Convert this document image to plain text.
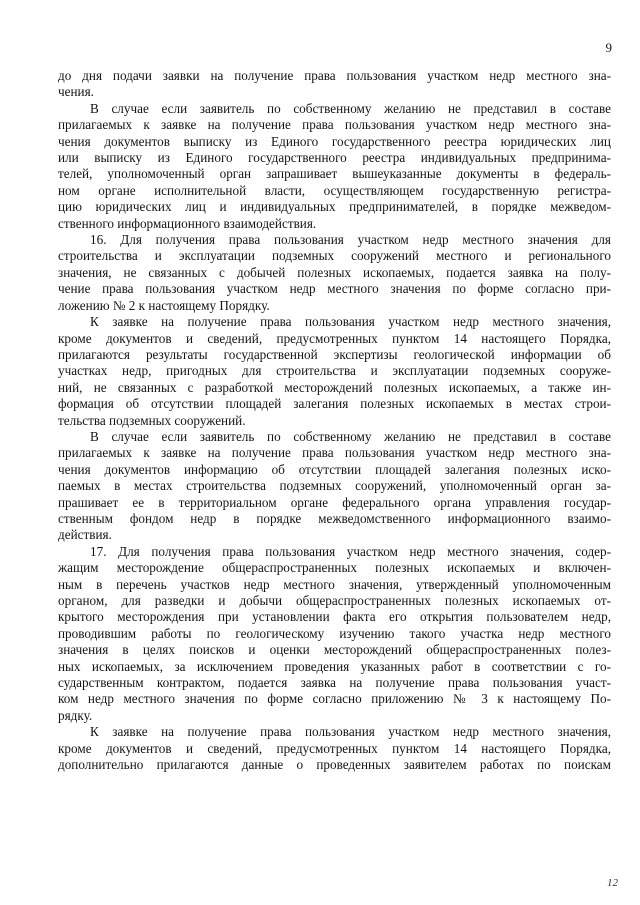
9
до дня подачи заявки на получение права пользования участком недр местного зна-
чения.
В случае если заявитель по собственному желанию не представил в составе
прилагаемых к заявке на получение права пользования участком недр местного зна-
чения документов выписку из Единого государственного реестра юридических лиц
или выписку из Единого государственного реестра индивидуальных предпринима-
телей, уполномоченный орган запрашивает вышеуказанные документы в федераль-
ном органе исполнительной власти, осуществляющем государственную регистра-
цию юридических лиц и индивидуальных предпринимателей, в порядке межведом-
ственного информационного взаимодействия.
16. Для получения права пользования участком недр местного значения для
строительства и эксплуатации подземных сооружений местного и регионального
значения, не связанных с добычей полезных ископаемых, подается заявка на полу-
чение права пользования участком недр местного значения по форме согласно при-
ложению № 2 к настоящему Порядку.
К заявке на получение права пользования участком недр местного значения,
кроме документов и сведений, предусмотренных пунктом 14 настоящего Порядка,
прилагаются результаты государственной экспертизы геологической информации об
участках недр, пригодных для строительства и эксплуатации подземных сооруже-
ний, не связанных с разработкой месторождений полезных ископаемых, а также ин-
формация об отсутствии площадей залегания полезных ископаемых в местах строи-
тельства подземных сооружений.
В случае если заявитель по собственному желанию не представил в составе
прилагаемых к заявке на получение права пользования участком недр местного зна-
чения документов информацию об отсутствии площадей залегания полезных иско-
паемых в местах строительства подземных сооружений, уполномоченный орган за-
прашивает ее в территориальном органе федерального органа управления государ-
ственным фондом недр в порядке межведомственного информационного взаимо-
действия.
17. Для получения права пользования участком недр местного значения, содер-
жащим месторождение общераспространенных полезных ископаемых и включен-
ным в перечень участков недр местного значения, утвержденный уполномоченным
органом, для разведки и добычи общераспространенных полезных ископаемых от-
крытого месторождения при установлении факта его открытия пользователем недр,
проводившим работы по геологическому изучению такого участка недр местного
значения в целях поисков и оценки месторождений общераспространенных полез-
ных ископаемых, за исключением проведения указанных работ в соответствии с го-
сударственным контрактом, подается заявка на получение права пользования участ-
ком недр местного значения по форме согласно приложению № 3 к настоящему По-
рядку.
К заявке на получение права пользования участком недр местного значения,
кроме документов и сведений, предусмотренных пунктом 14 настоящего Порядка,
дополнительно прилагаются данные о проведенных заявителем работах по поискам
12
